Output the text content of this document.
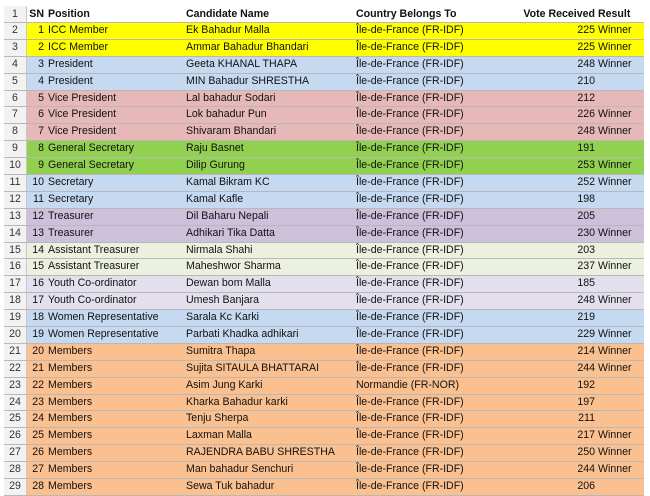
1	SN Position	Candidate Name	Country Belongs To	Vote Received Result
2	1 ICC Member	Ek Bahadur Malla	Île-de-France (FR-IDF)	225 Winner
3	2 ICC Member	Ammar Bahadur Bhandari	Île-de-France (FR-IDF)	225 Winner
4	3 President	Geeta KHANAL THAPA	Île-de-France (FR-IDF)	248 Winner
5	4 President	MIN Bahadur SHRESTHA	Île-de-France (FR-IDF)	210
6	5 Vice President	Lal bahadur Sodari	Île-de-France (FR-IDF)	212
7	6 Vice President	Lok bahadur Pun	Île-de-France (FR-IDF)	226 Winner
8	7 Vice President	Shivaram Bhandari	Île-de-France (FR-IDF)	248 Winner
9	8 General Secretary	Raju Basnet	Île-de-France (FR-IDF)	191
10	9 General Secretary	Dilip Gurung	Île-de-France (FR-IDF)	253 Winner
11	10 Secretary	Kamal Bikram KC	Île-de-France (FR-IDF)	252 Winner
12	11 Secretary	Kamal Kafle	Île-de-France (FR-IDF)	198
13	12 Treasurer	Dil Baharu Nepali	Île-de-France (FR-IDF)	205
14	13 Treasurer	Adhikari Tika Datta	Île-de-France (FR-IDF)	230 Winner
15	14 Assistant Treasurer	Nirmala Shahi	Île-de-France (FR-IDF)	203
16	15 Assistant Treasurer	Maheshwor Sharma	Île-de-France (FR-IDF)	237 Winner
17	16 Youth Co-ordinator	Dewan bom Malla	Île-de-France (FR-IDF)	185
18	17 Youth Co-ordinator	Umesh Banjara	Île-de-France (FR-IDF)	248 Winner
19	18 Women Representative	Sarala Kc Karki	Île-de-France (FR-IDF)	219
20	19 Women Representative	Parbati Khadka adhikari	Île-de-France (FR-IDF)	229 Winner
21	20 Members	Sumitra Thapa	Île-de-France (FR-IDF)	214 Winner
22	21 Members	Sujita SITAULA BHATTARAI	Île-de-France (FR-IDF)	244 Winner
23	22 Members	Asim Jung Karki	Normandie (FR-NOR)	192
24	23 Members	Kharka Bahadur karki	Île-de-France (FR-IDF)	197
25	24 Members	Tenju Sherpa	Île-de-France (FR-IDF)	211
26	25 Members	Laxman Malla	Île-de-France (FR-IDF)	217 Winner
27	26 Members	RAJENDRA BABU SHRESTHA	Île-de-France (FR-IDF)	250 Winner
28	27 Members	Man bahadur Senchuri	Île-de-France (FR-IDF)	244 Winner
29	28 Members	Sewa Tuk bahadur	Île-de-France (FR-IDF)	206
